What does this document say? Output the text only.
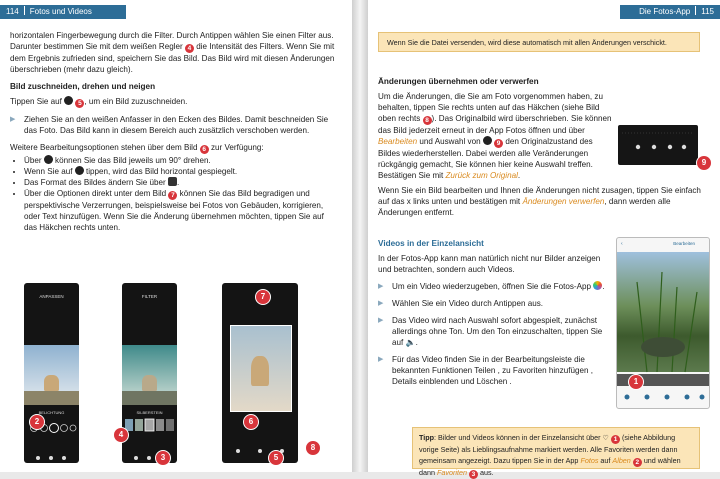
114 Fotos und Videos

horizontalen Fingerbewegung durch die Filter. Durch Antippen wählen Sie einen Filter aus. Darunter bestimmen Sie mit dem weißen Regler 4 die Intensität des Filters. Wenn Sie mit dem Ergebnis zufrieden sind, speichern Sie das Bild. Das Bild wird mit diesen Änderungen überschrieben (mehr dazu gleich).

Bild zuschneiden, drehen und neigen

Tippen Sie auf 5 , um ein Bild zuzuschneiden.

▶ Ziehen Sie an den weißen Anfasser in den Ecken des Bildes. Damit beschneiden Sie das Foto. Das Bild kann in diesem Bereich auch zusätzlich verschoben werden.

Weitere Bearbeitungsoptionen stehen über dem Bild 6 zur Verfügung:

• Über können Sie das Bild jeweils um 90° drehen.
• Wenn Sie auf tippen, wird das Bild horizontal gespiegelt.
• Das Format des Bildes ändern Sie über .
• Über die Optionen direkt unter dem Bild 7 können Sie das Bild begradigen und perspektivische Verzerrungen, beispielsweise bei Fotos von Gebäuden, korrigieren, oder Text hinzufügen. Wenn Sie die Änderung übernehmen möchten, tippen Sie auf das Häkchen rechts unten.
ANPASSEN
BELICHTUNG
FILTER
SILBERSTEIN
2
3
4
5
6
7
8
Die Fotos-App 115
Wenn Sie die Datei versenden, wird diese automatisch mit allen Änderungen verschickt.
Änderungen übernehmen oder verwerfen

Um die Änderungen, die Sie am Foto vorgenommen haben, zu behalten, tippen Sie rechts unten auf das Häkchen (siehe Bild oben rechts 8 ). Das Originalbild wird überschrieben. Sie können das Bild jederzeit erneut in der App Fotos öffnen und über Bearbeiten und Auswahl von 9 den Originalzustand des Bildes wiederherstellen. Dabei werden alle Veränderungen rückgängig gemacht, Sie können hier keine Auswahl treffen. Bestätigen Sie mit Zurück zum Original.

Wenn Sie ein Bild bearbeiten und Ihnen die Änderungen nicht zusagen, tippen Sie einfach auf das x links unten und bestätigen mit Änderungen verwerfen, dann werden alle Änderungen entfernt.

9
Videos in der Einzelansicht

In der Fotos-App kann man natürlich nicht nur Bilder anzeigen und betrachten, sondern auch Videos.

▶ Um ein Video wiederzugeben, öffnen Sie die Fotos-App .

▶ Wählen Sie ein Video durch Antippen aus.

▶ Das Video wird nach Auswahl sofort abgespielt, zunächst allerdings ohne Ton. Um den Ton einzuschalten, tippen Sie auf 🔈.

▶ Für das Video finden Sie in der Bearbeitungsleiste die bekannten Funktionen Teilen , zu Favoriten hinzufügen , Details einblenden und Löschen .

‹	Bearbeiten
1
Tipp: Bilder und Videos können in der Einzelansicht über ♡ 1 (siehe Abbildung vorige Seite) als Lieblingsaufnahme markiert werden. Alle Favoriten werden dann gemeinsam angezeigt. Dazu tippen Sie in der App Fotos auf Alben 2 und wählen dann Favoriten 3 aus.
